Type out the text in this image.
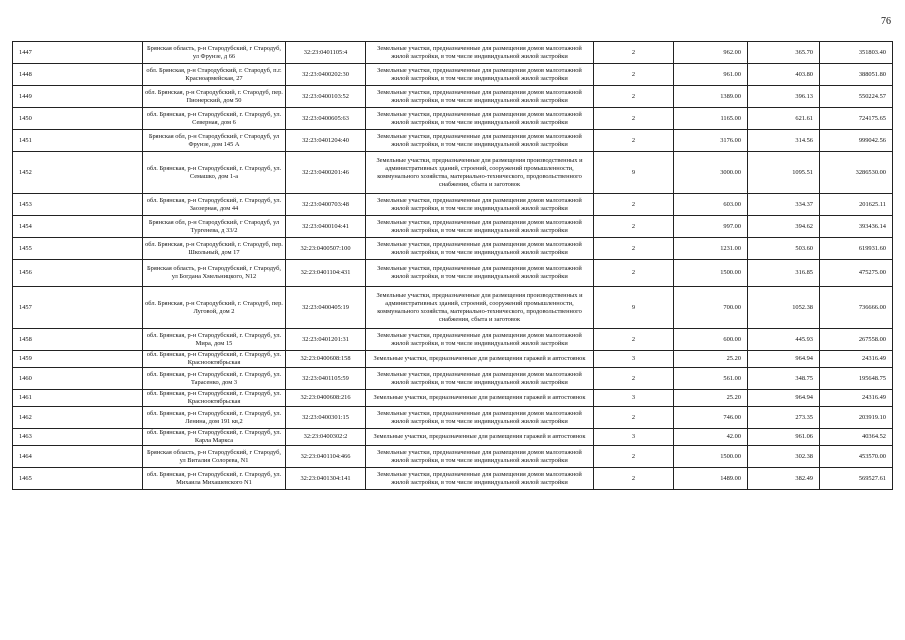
76
1447	Брянская область, р-н Стародубский, г Стародуб, ул Фрунзе, д 66	32:23:0401105:4	Земельные участки, предназначенные для размещения домов малоэтажной жилой застройки, в том числе индивидуальной жилой застройки	2	962.00	365.70	351803.40
1448	обл. Брянская, р-н Стародубский, г. Стародуб, п.г. Красноармейская, 27	32:23:0400202:30	Земельные участки, предназначенные для размещения домов малоэтажной жилой застройки, в том числе индивидуальной жилой застройки	2	961.00	403.80	388051.80
1449	обл. Брянская, р-н Стародубский, г. Стародуб, пер. Пионерский, дом 50	32:23:0400103:52	Земельные участки, предназначенные для размещения домов малоэтажной жилой застройки, в том числе индивидуальной жилой застройки	2	1389.00	396.13	550224.57
1450	обл. Брянская, р-н Стародубский, г. Стародуб, ул. Северная, дом 6	32:23:0400605:63	Земельные участки, предназначенные для размещения домов малоэтажной жилой застройки, в том числе индивидуальной жилой застройки	2	1165.00	621.61	724175.65
1451	Брянская обл, р-н Стародубский, г Стародуб, ул Фрунзе, дом 145 А	32:23:0401204:40	Земельные участки, предназначенные для размещения домов малоэтажной жилой застройки, в том числе индивидуальной жилой застройки	2	3176.00	314.56	999042.56
1452	обл. Брянская, р-н Стародубский, г. Стародуб, ул. Семашко, дом 1-а	32:23:0400201:46	Земельные участки, предназначенные для размещения производственных и административных зданий, строений, сооружений промышленности, коммунального хозяйства, материально-технического, продовольственного снабжения, сбыта и заготовок	9	3000.00	1095.51	3286530.00
1453	обл. Брянская, р-н Стародубский, г. Стародуб, ул. Заозерная, дом 44	32:23:0400703:48	Земельные участки, предназначенные для размещения домов малоэтажной жилой застройки, в том числе индивидуальной жилой застройки	2	603.00	334.37	201625.11
1454	Брянская обл, р-н Стародубский, г Стародуб, ул Тургенева, д 33/2	32:23:0400104:41	Земельные участки, предназначенные для размещения домов малоэтажной жилой застройки, в том числе индивидуальной жилой застройки	2	997.00	394.62	393436.14
1455	обл. Брянская, р-н Стародубский, г. Стародуб, пер. Школьный, дом 17	32:23:0400507:100	Земельные участки, предназначенные для размещения домов малоэтажной жилой застройки, в том числе индивидуальной жилой застройки	2	1231.00	503.60	619931.60
1456	Брянская область, р-н Стародубский, г Стародуб, ул Богдана Хмельницкого, N12	32:23:0401104:431	Земельные участки, предназначенные для размещения домов малоэтажной жилой застройки, в том числе индивидуальной жилой застройки	2	1500.00	316.85	475275.00
1457	обл. Брянская, р-н Стародубский, г. Стародуб, пер. Луговой, дом 2	32:23:0400405:19	Земельные участки, предназначенные для размещения производственных и административных зданий, строений, сооружений промышленности, коммунального хозяйства, материально-технического, продовольственного снабжения, сбыта и заготовок	9	700.00	1052.38	736666.00
1458	обл. Брянская, р-н Стародубский, г. Стародуб, ул. Мира, дом 15	32:23:0401201:31	Земельные участки, предназначенные для размещения домов малоэтажной жилой застройки, в том числе индивидуальной жилой застройки	2	600.00	445.93	267558.00
1459	обл. Брянская, р-н Стародубский, г. Стародуб, ул. Краснооктябрьская	32:23:0400608:158	Земельные участки, предназначенные для размещения гаражей и автостоянок	3	25.20	964.94	24316.49
1460	обл. Брянская, р-н Стародубский, г. Стародуб, ул. Тарасенко, дом 3	32:23:0401105:59	Земельные участки, предназначенные для размещения домов малоэтажной жилой застройки, в том числе индивидуальной жилой застройки	2	561.00	348.75	195648.75
1461	обл. Брянская, р-н Стародубский, г. Стародуб, ул. Краснооктябрьская	32:23:0400608:216	Земельные участки, предназначенные для размещения гаражей и автостоянок	3	25.20	964.94	24316.49
1462	обл. Брянская, р-н Стародубский, г. Стародуб, ул. Ленина, дом 191 кв,2	32:23:0400301:15	Земельные участки, предназначенные для размещения домов малоэтажной жилой застройки, в том числе индивидуальной жилой застройки	2	746.00	273.35	203919.10
1463	обл. Брянская, р-н Стародубский, г. Стародуб, ул. Карла Маркса	32:23:0400302:2	Земельные участки, предназначенные для размещения гаражей и автостоянок	3	42.00	961.06	40364.52
1464	Брянская область, р-н Стародубский, г Стародуб, ул Виталия Солорева, N1	32:23:0401104:466	Земельные участки, предназначенные для размещения домов малоэтажной жилой застройки, в том числе индивидуальной жилой застройки	2	1500.00	302.38	453570.00
1465	обл. Брянская, р-н Стародубский, г. Стародуб, ул. Михаила Михашевского N1	32:23:0401304:141	Земельные участки, предназначенные для размещения домов малоэтажной жилой застройки, в том числе индивидуальной жилой застройки	2	1489.00	382.49	569527.61
